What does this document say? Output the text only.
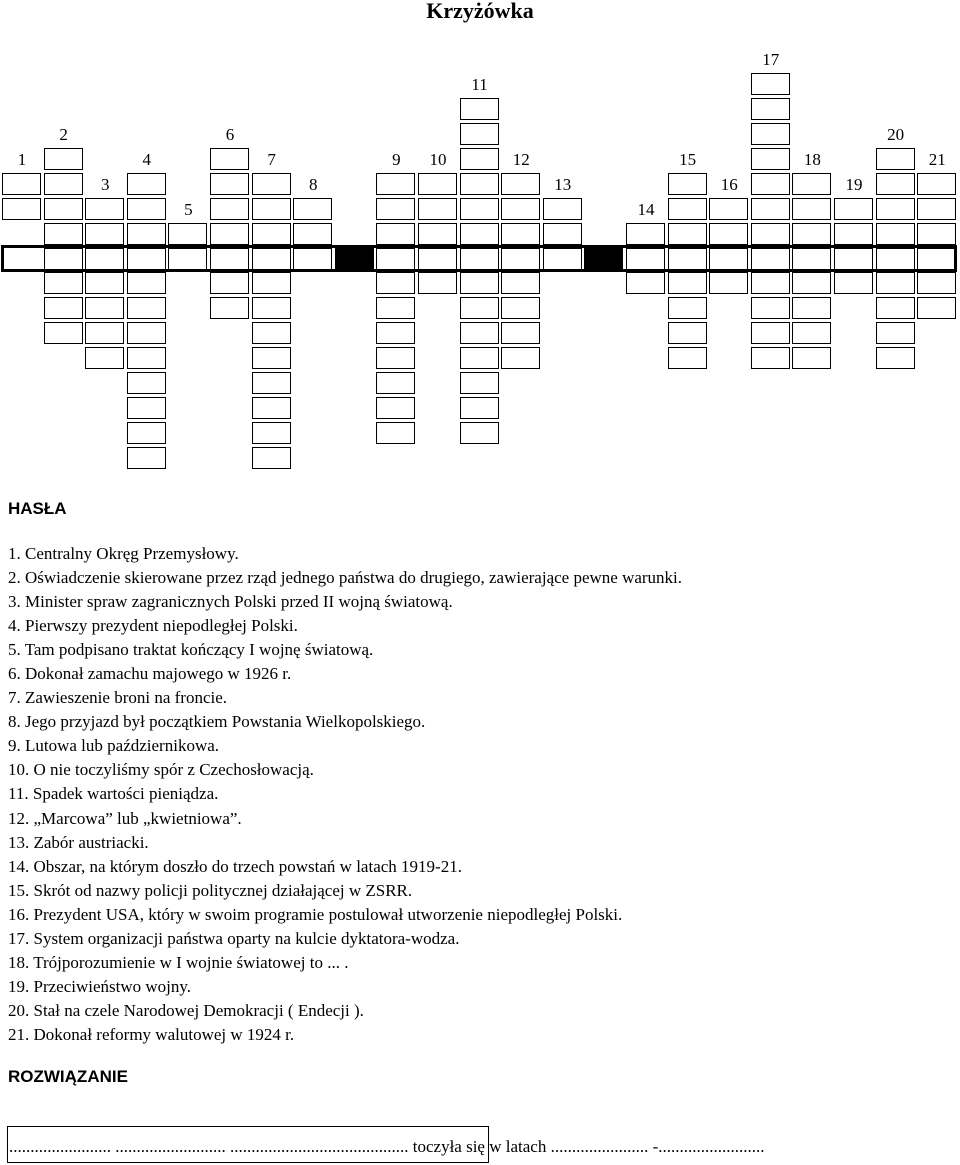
Krzyżówka
1
2
3
4
5
6
7
8
9	10
11
12
13
14
15
16
17
18
19
20
21
HASŁA
1. Centralny Okręg Przemysłowy.
2. Oświadczenie skierowane przez rząd jednego państwa do drugiego, zawierające pewne warunki.
3. Minister spraw zagranicznych Polski przed II wojną światową.
4. Pierwszy prezydent niepodległej Polski.
5. Tam podpisano traktat kończący I wojnę światową.
6. Dokonał zamachu majowego w 1926 r.
7. Zawieszenie broni na froncie.
8. Jego przyjazd był początkiem Powstania Wielkopolskiego.
9. Lutowa lub październikowa.
10. O nie toczyliśmy spór z Czechosłowacją.
11. Spadek wartości pieniądza.
12. „Marcowa” lub „kwietniowa”.
13. Zabór austriacki.
14. Obszar, na którym doszło do trzech powstań w latach 1919-21.
15. Skrót od nazwy policji politycznej działającej w ZSRR.
16. Prezydent USA, który w swoim programie postulował utworzenie niepodległej Polski.
17. System organizacji państwa oparty na kulcie dyktatora-wodza.
18. Trójporozumienie w I wojnie światowej to ... .
19. Przeciwieństwo wojny.
20. Stał na czele Narodowej Demokracji ( Endecji ).
21. Dokonał reformy walutowej w 1924 r.
ROZWIĄZANIE
........................ .......................... .......................................... toczyła się w latach ....................... -.........................
